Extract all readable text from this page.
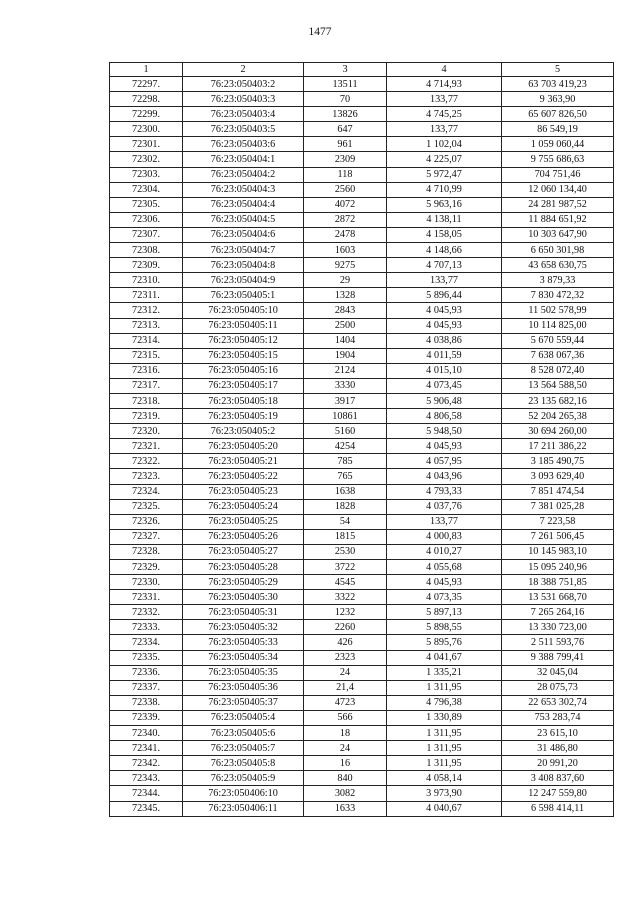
1477
1	2	3	4	5
72297.	76:23:050403:2	13511	4 714,93	63 703 419,23
72298.	76:23:050403:3	70	133,77	9 363,90
72299.	76:23:050403:4	13826	4 745,25	65 607 826,50
72300.	76:23:050403:5	647	133,77	86 549,19
72301.	76:23:050403:6	961	1 102,04	1 059 060,44
72302.	76:23:050404:1	2309	4 225,07	9 755 686,63
72303.	76:23:050404:2	118	5 972,47	704 751,46
72304.	76:23:050404:3	2560	4 710,99	12 060 134,40
72305.	76:23:050404:4	4072	5 963,16	24 281 987,52
72306.	76:23:050404:5	2872	4 138,11	11 884 651,92
72307.	76:23:050404:6	2478	4 158,05	10 303 647,90
72308.	76:23:050404:7	1603	4 148,66	6 650 301,98
72309.	76:23:050404:8	9275	4 707,13	43 658 630,75
72310.	76:23:050404:9	29	133,77	3 879,33
72311.	76:23:050405:1	1328	5 896,44	7 830 472,32
72312.	76:23:050405:10	2843	4 045,93	11 502 578,99
72313.	76:23:050405:11	2500	4 045,93	10 114 825,00
72314.	76:23:050405:12	1404	4 038,86	5 670 559,44
72315.	76:23:050405:15	1904	4 011,59	7 638 067,36
72316.	76:23:050405:16	2124	4 015,10	8 528 072,40
72317.	76:23:050405:17	3330	4 073,45	13 564 588,50
72318.	76:23:050405:18	3917	5 906,48	23 135 682,16
72319.	76:23:050405:19	10861	4 806,58	52 204 265,38
72320.	76:23:050405:2	5160	5 948,50	30 694 260,00
72321.	76:23:050405:20	4254	4 045,93	17 211 386,22
72322.	76:23:050405:21	785	4 057,95	3 185 490,75
72323.	76:23:050405:22	765	4 043,96	3 093 629,40
72324.	76:23:050405:23	1638	4 793,33	7 851 474,54
72325.	76:23:050405:24	1828	4 037,76	7 381 025,28
72326.	76:23:050405:25	54	133,77	7 223,58
72327.	76:23:050405:26	1815	4 000,83	7 261 506,45
72328.	76:23:050405:27	2530	4 010,27	10 145 983,10
72329.	76:23:050405:28	3722	4 055,68	15 095 240,96
72330.	76:23:050405:29	4545	4 045,93	18 388 751,85
72331.	76:23:050405:30	3322	4 073,35	13 531 668,70
72332.	76:23:050405:31	1232	5 897,13	7 265 264,16
72333.	76:23:050405:32	2260	5 898,55	13 330 723,00
72334.	76:23:050405:33	426	5 895,76	2 511 593,76
72335.	76:23:050405:34	2323	4 041,67	9 388 799,41
72336.	76:23:050405:35	24	1 335,21	32 045,04
72337.	76:23:050405:36	21,4	1 311,95	28 075,73
72338.	76:23:050405:37	4723	4 796,38	22 653 302,74
72339.	76:23:050405:4	566	1 330,89	753 283,74
72340.	76:23:050405:6	18	1 311,95	23 615,10
72341.	76:23:050405:7	24	1 311,95	31 486,80
72342.	76:23:050405:8	16	1 311,95	20 991,20
72343.	76:23:050405:9	840	4 058,14	3 408 837,60
72344.	76:23:050406:10	3082	3 973,90	12 247 559,80
72345.	76:23:050406:11	1633	4 040,67	6 598 414,11
